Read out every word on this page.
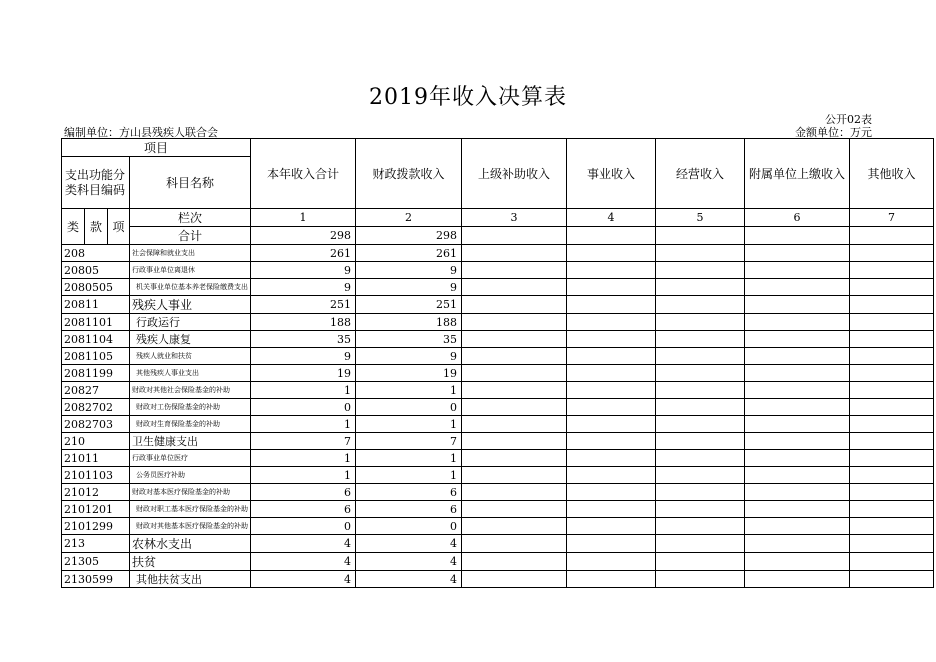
2019年收入决算表
公开02表
编制单位：方山县残疾人联合会	金额单位：万元
项目				本年收入合计	财政拨款收入	上级补助收入	事业收入	经营收入	附属单位上缴收入	其他收入
支出功能分类科目编码			科目名称							

类	款	项	栏次	1	2	3	4	5	6	7
			合计	298	298					
208			社会保障和就业支出	261	261					
20805			行政事业单位离退休	9	9					
2080505			机关事业单位基本养老保险缴费支出	9	9					
20811			残疾人事业	251	251					
2081101			行政运行	188	188					
2081104			残疾人康复	35	35					
2081105			残疾人就业和扶贫	9	9					
2081199			其他残疾人事业支出	19	19					
20827			财政对其他社会保险基金的补助	1	1					
2082702			财政对工伤保险基金的补助	0	0					
2082703			财政对生育保险基金的补助	1	1					
210			卫生健康支出	7	7					
21011			行政事业单位医疗	1	1					
2101103			公务员医疗补助	1	1					
21012			财政对基本医疗保险基金的补助	6	6					
2101201			财政对职工基本医疗保险基金的补助	6	6					
2101299			财政对其他基本医疗保险基金的补助	0	0					
213			农林水支出	4	4					
21305			扶贫	4	4					
2130599			其他扶贫支出	4	4					
